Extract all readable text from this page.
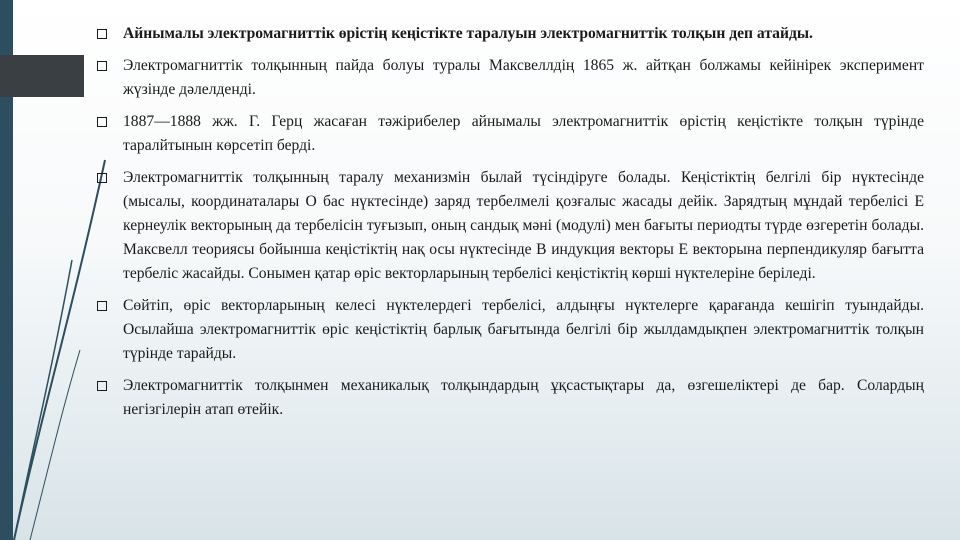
Айнымалы электромагниттік өрістің кеңістікте таралуын электромагниттік толқын деп атайды.
Электромагниттік толқынның пайда болуы туралы Максвеллдің 1865 ж. айтқан болжамы кейінірек эксперимент жүзінде дәлелденді.
1887—1888 жж. Г. Герц жасаған тәжірибелер айнымалы электромагниттік өрістің кеңістікте толқын түрінде таралйтынын көрсетіп берді.
Электромагниттік толқынның таралу механизмін былай түсіндіруге болады. Кеңістіктің белгілі бір нүктесінде (мысалы, координаталары О бас нүктесінде) заряд тербелмелі қозғалыс жасады дейік. Зарядтың мұндай тербелісі Е кернеулік векторының да тербелісін туғызып, оның сандық мәні (модулі) мен бағыты периодты түрде өзгеретін болады. Максвелл теориясы бойынша кеңістіктің нақ осы нүктесінде В индукция векторы Е векторына перпендикуляр бағытта тербеліс жасайды. Сонымен қатар өріс векторларының тербелісі кеңістіктің көрші нүктелеріне беріледі.
Сөйтіп, өріс векторларының келесі нүктелердегі тербелісі, алдыңғы нүктелерге қарағанда кешігіп туындайды. Осылайша электромагниттік өріс кеңістіктің барлық бағытында белгілі бір жылдамдықпен электромагниттік толқын түрінде тарайды.
Электромагниттік толқынмен механикалық толқындардың ұқсастықтары да, өзгешеліктері де бар. Солардың негізгілерін атап өтейік.
